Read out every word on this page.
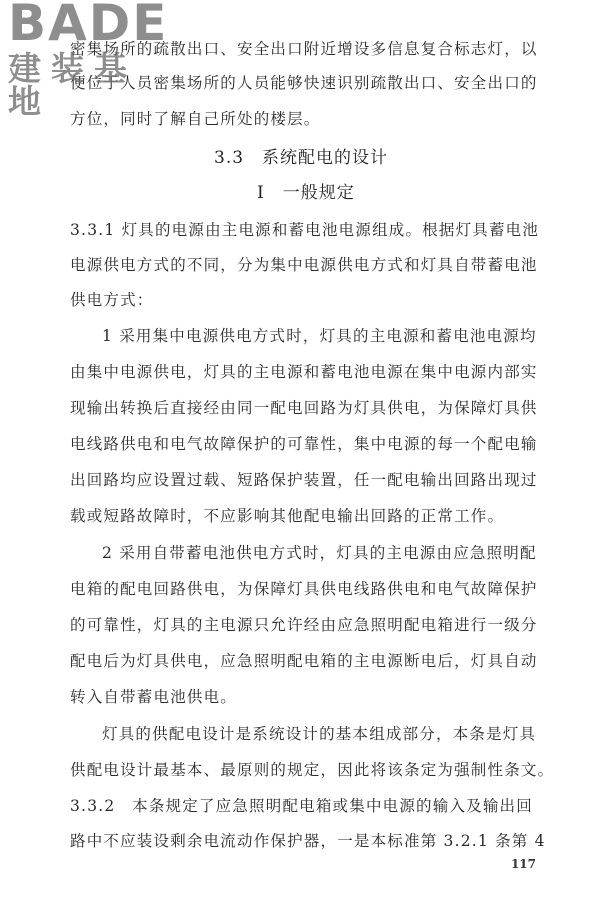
BADE
建装基地
密集场所的疏散出口、安全出口附近增设多信息复合标志灯，以
便位于人员密集场所的人员能够快速识别疏散出口、安全出口的
方位，同时了解自己所处的楼层。
3.3　系统配电的设计
Ⅰ　一般规定
3.3.1 灯具的电源由主电源和蓄电池电源组成。根据灯具蓄电池
电源供电方式的不同，分为集中电源供电方式和灯具自带蓄电池
供电方式：
1 采用集中电源供电方式时，灯具的主电源和蓄电池电源均
由集中电源供电，灯具的主电源和蓄电池电源在集中电源内部实
现输出转换后直接经由同一配电回路为灯具供电，为保障灯具供
电线路供电和电气故障保护的可靠性，集中电源的每一个配电输
出回路均应设置过载、短路保护装置，任一配电输出回路出现过
载或短路故障时，不应影响其他配电输出回路的正常工作。
2 采用自带蓄电池供电方式时，灯具的主电源由应急照明配
电箱的配电回路供电，为保障灯具供电线路供电和电气故障保护
的可靠性，灯具的主电源只允许经由应急照明配电箱进行一级分
配电后为灯具供电，应急照明配电箱的主电源断电后，灯具自动
转入自带蓄电池供电。
灯具的供配电设计是系统设计的基本组成部分，本条是灯具
供配电设计最基本、最原则的规定，因此将该条定为强制性条文。
3.3.2　本条规定了应急照明配电箱或集中电源的输入及输出回
路中不应装设剩余电流动作保护器，一是本标准第 3.2.1 条第 4
117
